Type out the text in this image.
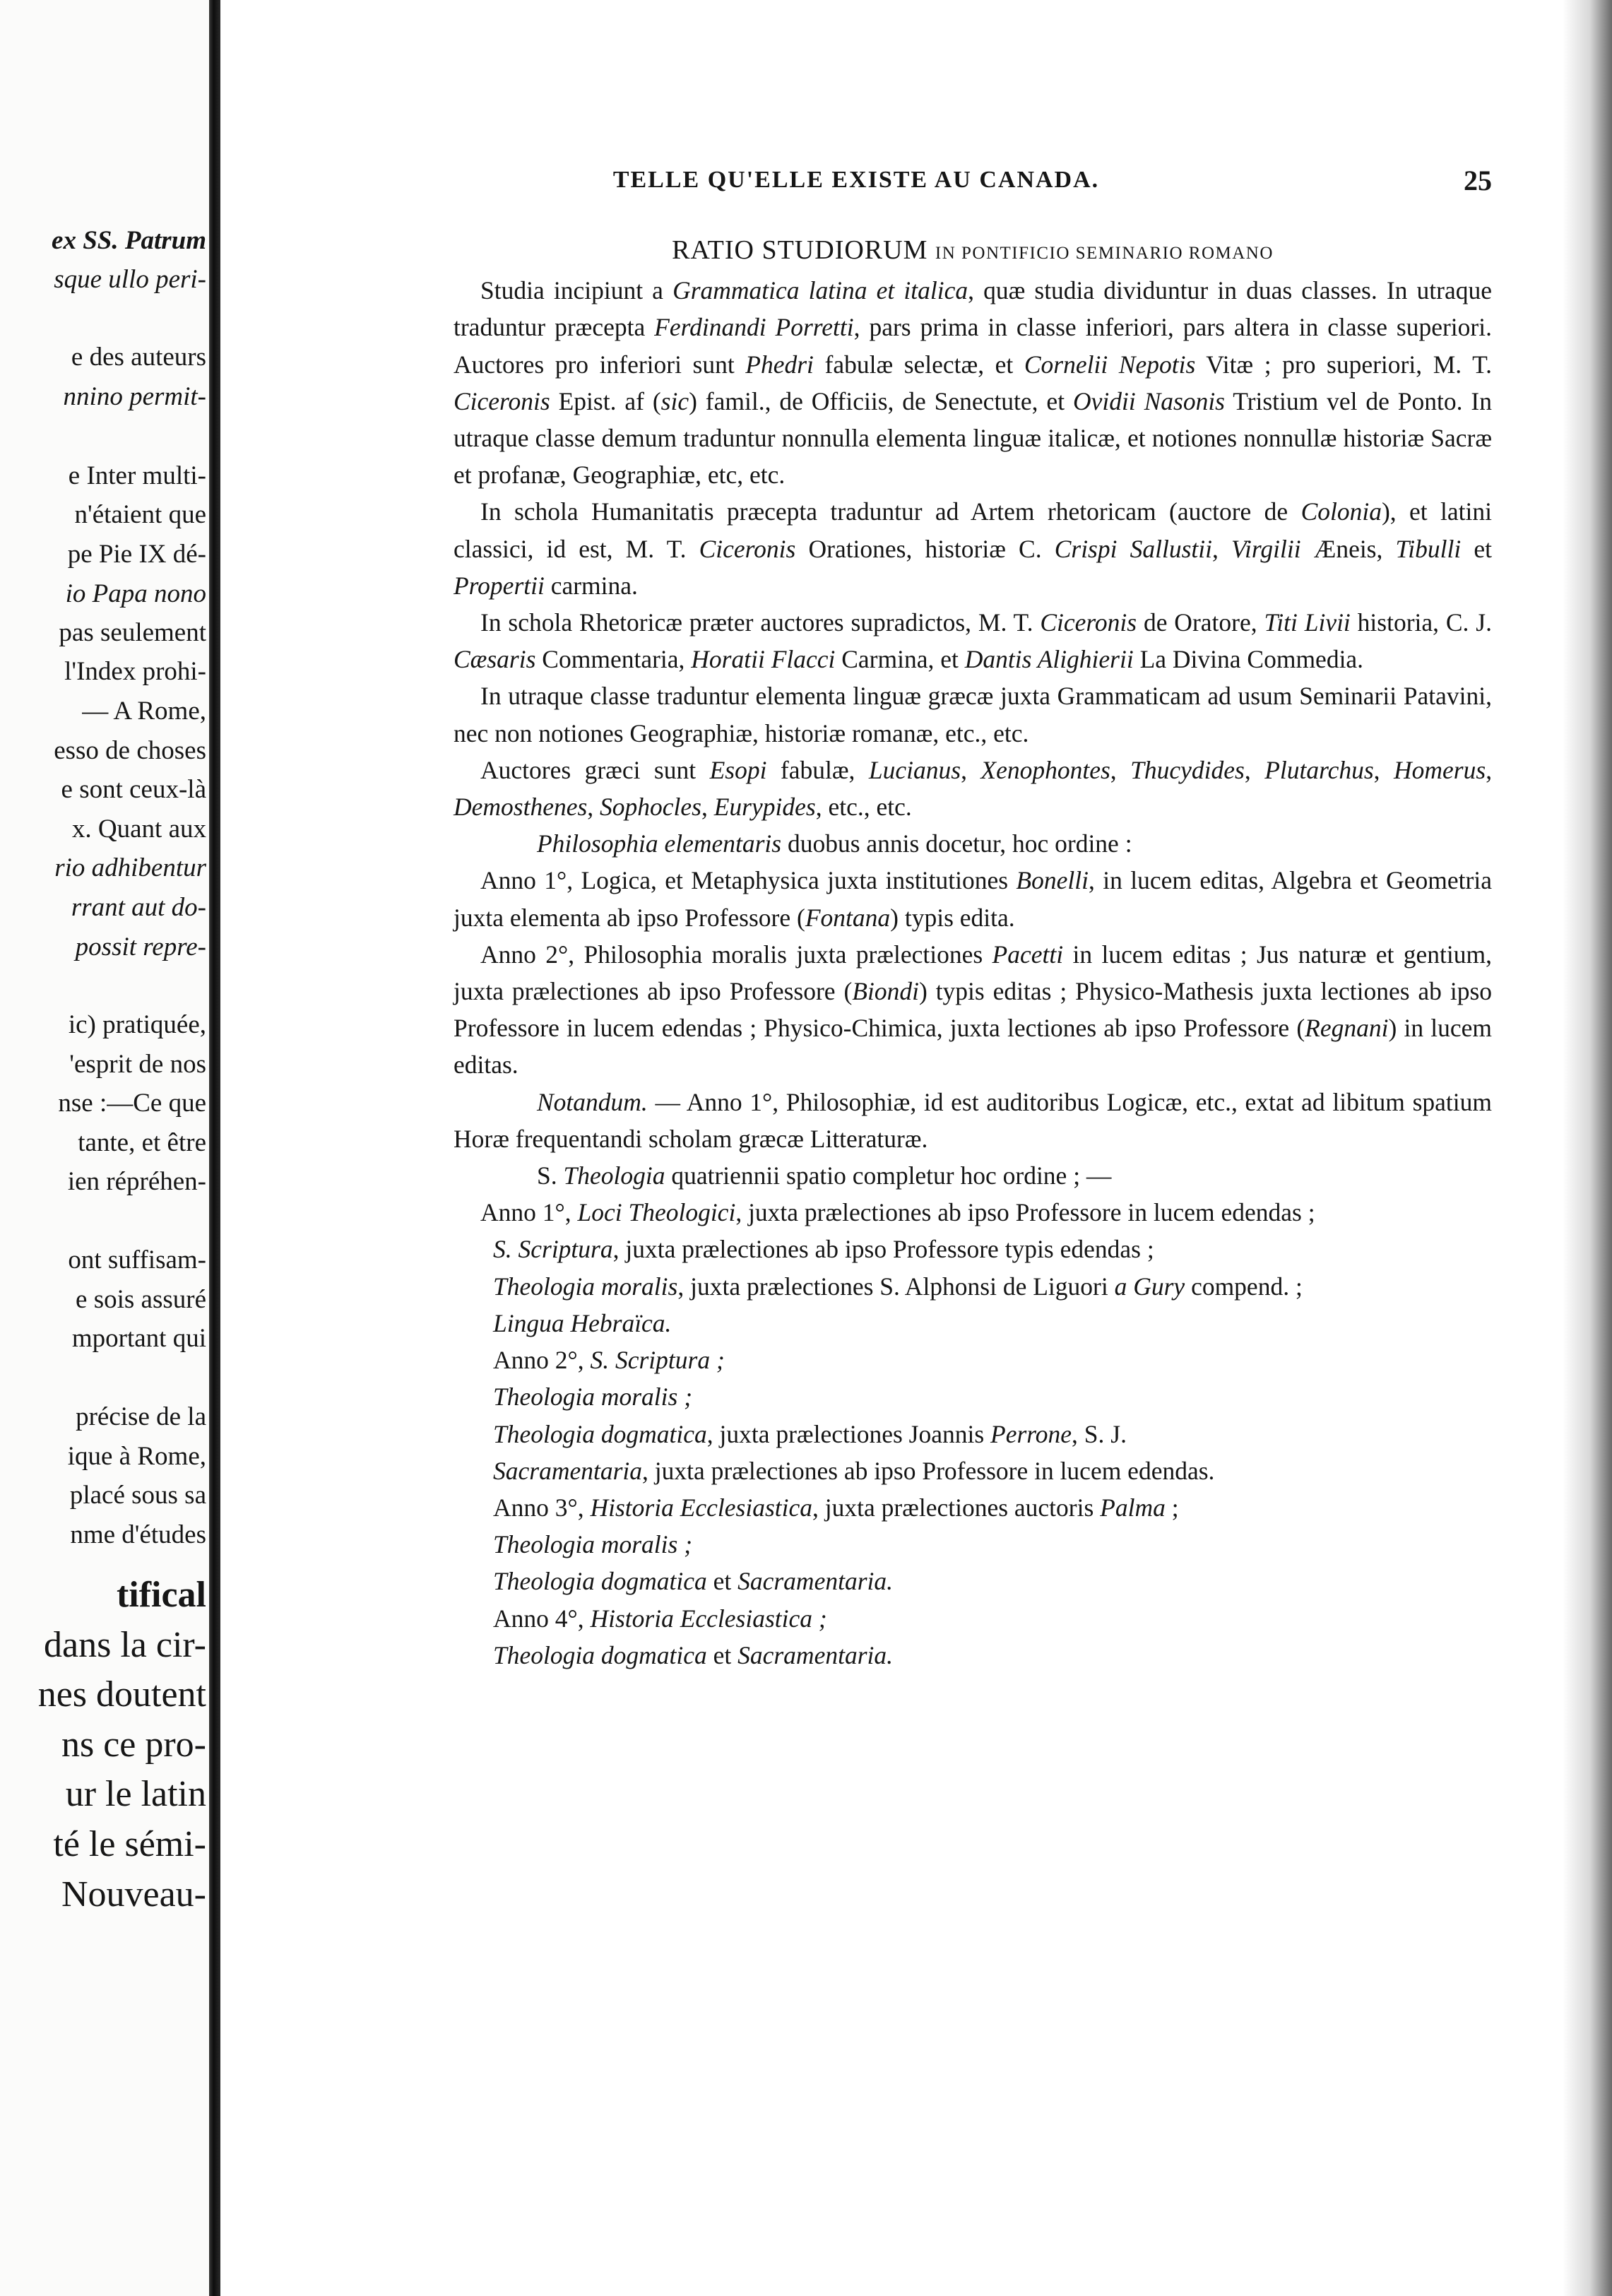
ex SS. Patrum
sque ullo peri-
e des auteurs
nnino permit-
e Inter multi-
n'étaient que
pe Pie IX dé-
io Papa nono
pas seulement
l'Index prohi-
— A Rome,
esso de choses
e sont ceux-là
x. Quant aux
rio adhibentur
rrant aut do-
possit repre-
ic) pratiquée,
'esprit de nos
nse :—Ce que
tante, et être
ien répréhen-
ont suffisam-
e sois assuré
mportant qui
précise de la
ique à Rome,
placé sous sa
nme d'études
tifical
dans la cir-
nes doutent
ns ce pro-
ur le latin
té le sémi-
Nouveau-
TELLE QU'ELLE EXISTE AU CANADA.	25

RATIO STUDIORUM IN PONTIFICIO SEMINARIO ROMANO

Studia incipiunt a Grammatica latina et italica, quæ studia dividuntur in duas classes. In utraque traduntur præcepta Ferdinandi Porretti, pars prima in classe inferiori, pars altera in classe superiori. Auctores pro inferiori sunt Phedri fabulæ selectæ, et Cornelii Nepotis Vitæ ; pro superiori, M. T. Ciceronis Epist. af (sic) famil., de Officiis, de Senectute, et Ovidii Nasonis Tristium vel de Ponto. In utraque classe demum traduntur nonnulla elementa linguæ italicæ, et notiones nonnullæ historiæ Sacræ et profanæ, Geographiæ, etc, etc.

In schola Humanitatis præcepta traduntur ad Artem rhetoricam (auctore de Colonia), et latini classici, id est, M. T. Ciceronis Orationes, historiæ C. Crispi Sallustii, Virgilii Æneis, Tibulli et Propertii carmina.

In schola Rhetoricæ præter auctores supradictos, M. T. Ciceronis de Oratore, Titi Livii historia, C. J. Cæsaris Commentaria, Horatii Flacci Carmina, et Dantis Alighierii La Divina Commedia.

In utraque classe traduntur elementa linguæ græcæ juxta Grammaticam ad usum Seminarii Patavini, nec non notiones Geographiæ, historiæ romanæ, etc., etc.

Auctores græci sunt Esopi fabulæ, Lucianus, Xenophontes, Thucydides, Plutarchus, Homerus, Demosthenes, Sophocles, Eurypides, etc., etc.

Philosophia elementaris duobus annis docetur, hoc ordine :

Anno 1°, Logica, et Metaphysica juxta institutiones Bonelli, in lucem editas, Algebra et Geometria juxta elementa ab ipso Professore (Fontana) typis edita.

Anno 2°, Philosophia moralis juxta prælectiones Pacetti in lucem editas ; Jus naturæ et gentium, juxta prælectiones ab ipso Professore (Biondi) typis editas ; Physico-Mathesis juxta lectiones ab ipso Professore in lucem edendas ; Physico-Chimica, juxta lectiones ab ipso Professore (Regnani) in lucem editas.

Notandum. — Anno 1°, Philosophiæ, id est auditoribus Logicæ, etc., extat ad libitum spatium Horæ frequentandi scholam græcæ Litteraturæ.

S. Theologia quatriennii spatio completur hoc ordine ; —

Anno 1°, Loci Theologici, juxta prælectiones ab ipso Professore in lucem edendas ;

S. Scriptura, juxta prælectiones ab ipso Professore typis edendas ;

Theologia moralis, juxta prælectiones S. Alphonsi de Liguori a Gury compend. ;

Lingua Hebraïca.

Anno 2°, S. Scriptura ;

Theologia moralis ;

Theologia dogmatica, juxta prælectiones Joannis Perrone, S. J.

Sacramentaria, juxta prælectiones ab ipso Professore in lucem edendas.

Anno 3°, Historia Ecclesiastica, juxta prælectiones auctoris Palma ;

Theologia moralis ;

Theologia dogmatica et Sacramentaria.

Anno 4°, Historia Ecclesiastica ;

Theologia dogmatica et Sacramentaria.
